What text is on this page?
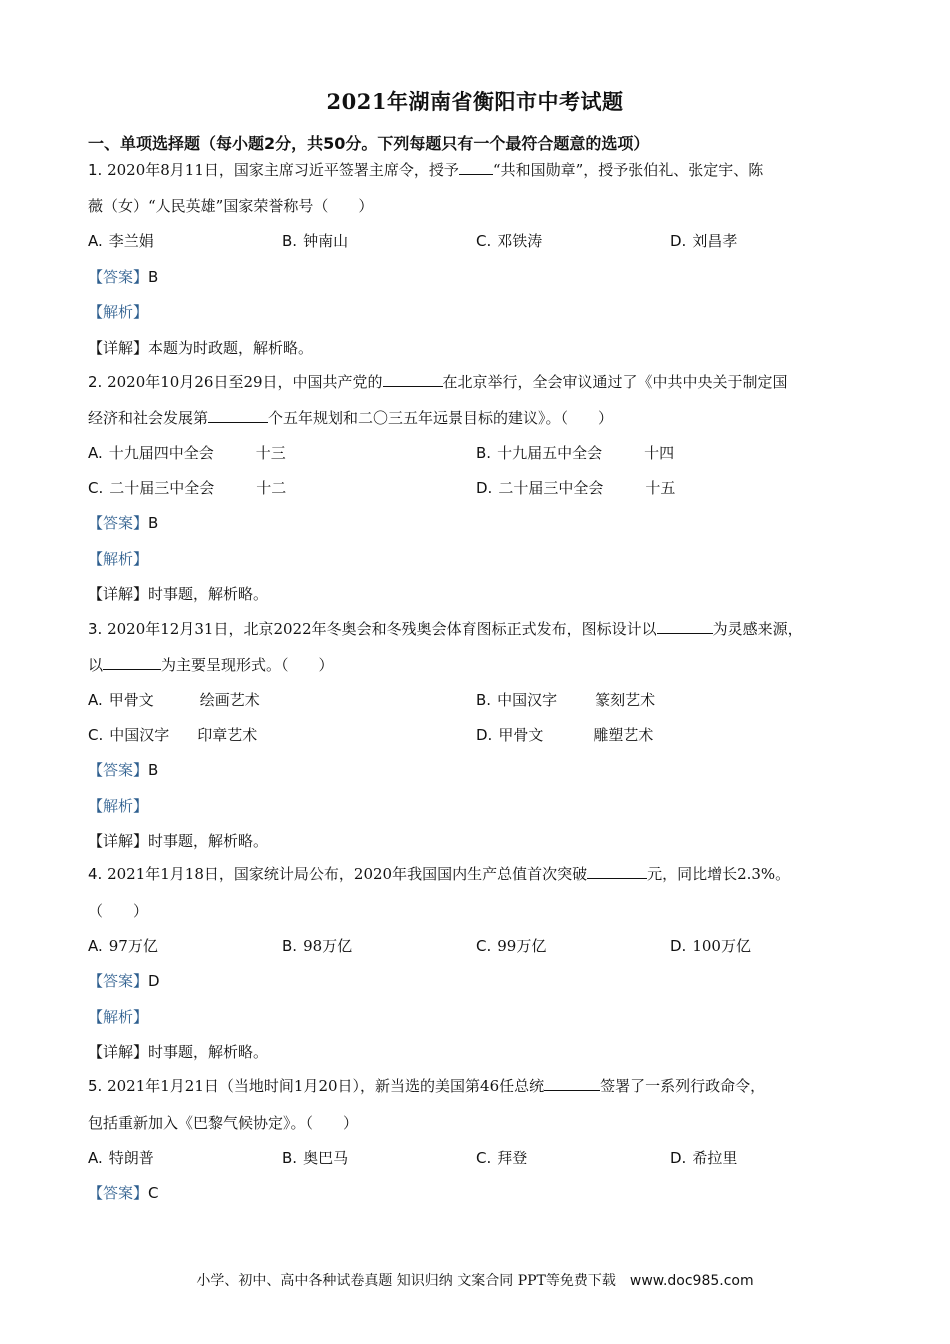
2021年湖南省衡阳市中考试题
一、单项选择题（每小题2分，共50分。下列每题只有一个最符合题意的选项）
1. 2020年8月11日，国家主席习近平签署主席令，授予 “共和国勋章”，授予张伯礼、张定宇、陈
薇（女）“人民英雄”国家荣誉称号（　　）
A. 李兰娟	B. 钟南山	C. 邓铁涛	D. 刘昌孝
【答案】B
【解析】
【详解】本题为时政题，解析略。
2. 2020年10月26日至29日，中国共产党的	在北京举行，全会审议通过了《中共中央关于制定国
经济和社会发展第	个五年规划和二〇三五年远景目标的建议》。（　　）
A. 十九届四中全会	十三	B. 十九届五中全会	十四
C. 二十届三中全会	十二	D. 二十届三中全会	十五
【答案】B
【解析】
【详解】时事题，解析略。
3. 2020年12月31日，北京2022年冬奥会和冬残奥会体育图标正式发布，图标设计以	为灵感来源，
以	为主要呈现形式。（　　）
A. 甲骨文	绘画艺术	B. 中国汉字	篆刻艺术
C. 中国汉字 印章艺术	D. 甲骨文	雕塑艺术
【答案】B
【解析】
【详解】时事题，解析略。
4. 2021年1月18日，国家统计局公布，2020年我国国内生产总值首次突破	元，同比增长2.3%。
（　　）
A. 97万亿	B. 98万亿	C. 99万亿	D. 100万亿
【答案】D
【解析】
【详解】时事题，解析略。
5. 2021年1月21日（当地时间1月20日），新当选的美国第46任总统	签署了一系列行政命令，
包括重新加入《巴黎气候协定》。（　　）
A. 特朗普	B. 奥巴马	C. 拜登	D. 希拉里
【答案】C
小学、初中、高中各种试卷真题 知识归纳 文案合同 PPT等免费下载 www.doc985.com
